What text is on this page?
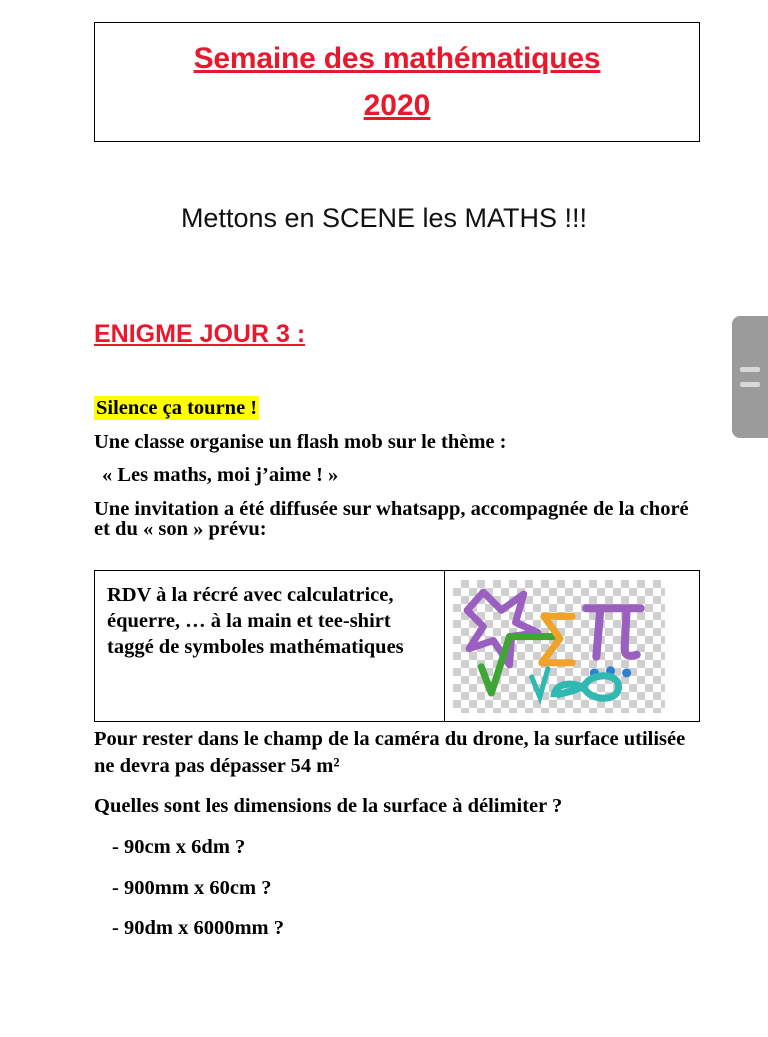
Semaine des mathématiques
2020
Mettons en SCENE les MATHS !!!
ENIGME JOUR 3 :

Silence ça tourne !

Une classe organise un flash mob sur le thème :

« Les maths, moi j’aime ! »

Une invitation a été diffusée sur whatsapp, accompagnée de la choré et du « son » prévu:

RDV à la récré avec calculatrice, équerre, … à la main et tee-shirt taggé de symboles mathématiques

Pour rester dans le champ de la caméra du drone, la surface utilisée ne devra pas dépasser 54 m²

Quelles sont les dimensions de la surface à délimiter ?

- 90cm x 6dm ?
- 900mm x 60cm ?
- 90dm x 6000mm ?
